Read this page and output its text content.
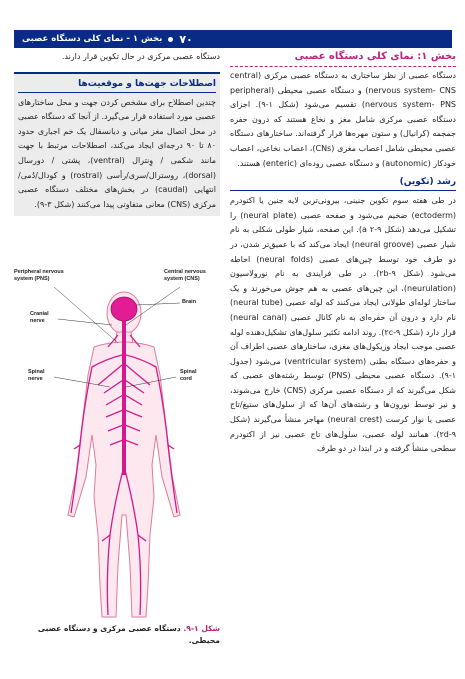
۷۰
بخش ۱ - نمای کلی دستگاه عصبی
بخش ۱: نمای کلی دستگاه عصبی

دستگاه عصبی از نظر ساختاری به دستگاه عصبی مرکزی (central nervous system- CNS) و دستگاه عصبی محیطی (peripheral nervous system- PNS) تقسیم می‌شود (شکل ۱-۹). اجزای دستگاه عصبی مرکزی شامل مغز و نخاع هستند که درون حفره جمجمه (کرانیال) و ستون مهره‌ها قرار گرفته‌اند. ساختارهای دستگاه عصبی محیطی شامل اعصاب مغزی (CNs)، اعصاب نخاعی، اعصاب خودکار (autonomic) و دستگاه عصبی روده‌ای (enteric) هستند.

رشد (تکوین)

در طی هفته سوم تکوین جنینی، بیرونی‌ترین لایه جنین یا اکتودرم (ectoderm) ضخیم می‌شود و صفحه عصبی (neural plate) را تشکیل می‌دهد (شکل a ۲-۹). این صفحه، شیار طولی شکلی به نام شیار عصبی (neural groove) ایجاد می‌کند که با عمیق‌تر شدن، در دو طرف خود توسط چین‌های عصبی (neural folds) احاطه می‌شود (شکل ۲b-۹). در طی فرایندی به نام نورولاسیون (neurulation)، این چین‌های عصبی به هم جوش می‌خورند و یک ساختار لوله‌ای طولانی ایجاد می‌کنند که لوله عصبی (neural tube) نام دارد و درون آن حفره‌ای به نام کانال عصبی (neural canal) قرار دارد (شکل ۲c-۹). روند ادامه تکثیر سلول‌های تشکیل‌دهنده لوله عصبی موجب ایجاد وزیکول‌های مغزی، ساختارهای عصبی اطراف آن و حفره‌های دستگاه بطنی (ventricular system) می‌شود (جدول ۱-۹). دستگاه عصبی محیطی (PNS) توسط رشته‌های عصبی که شکل می‌گیرند که از دستگاه عصبی مرکزی (CNS) خارج می‌شوند، و نیز توسط نورون‌ها و رشته‌های آن‌ها که از سلول‌های ستیغ/تاج عصبی یا نوار کرست (neural crest) مهاجر منشأ می‌گیرند (شکل ۲d-۹). همانند لوله عصبی، سلول‌های تاج عصبی نیز از اکتودرم سطحی منشأ گرفته و در ابتدا در دو طرف

دستگاه عصبی مرکزی در حال تکوین قرار دارند.

اصطلاحات جهت‌ها و موقعیت‌ها

چندین اصطلاح برای مشخص کردن جهت و محل ساختارهای عصبی مورد استفاده قرار می‌گیرد. از آنجا که دستگاه عصبی در محل اتصال مغز میانی و دیانسفال یک خم اجباری حدود ۸۰ تا ۹۰ درجه‌ای ایجاد می‌کند، اصطلاحات مرتبط با جهت مانند شکمی / وِنترال (ventral)، پشتی / دورسال (dorsal)، روسترال/سری/رأسی (rostral) و کودال/دُمی/انتهایی (caudal) در بخش‌های مختلف دستگاه عصبی مرکزی (CNS) معانی متفاوتی پیدا می‌کنند (شکل ۳-۹).

Peripheral nervous
system (PNS)
Central nervous
system (CNS)
Brain
Cranial
nerve
Spinal
cord
Spinal
nerve
شکل ۱-۹. دستگاه عصبی مرکزی و دستگاه عصبی محیطی.
